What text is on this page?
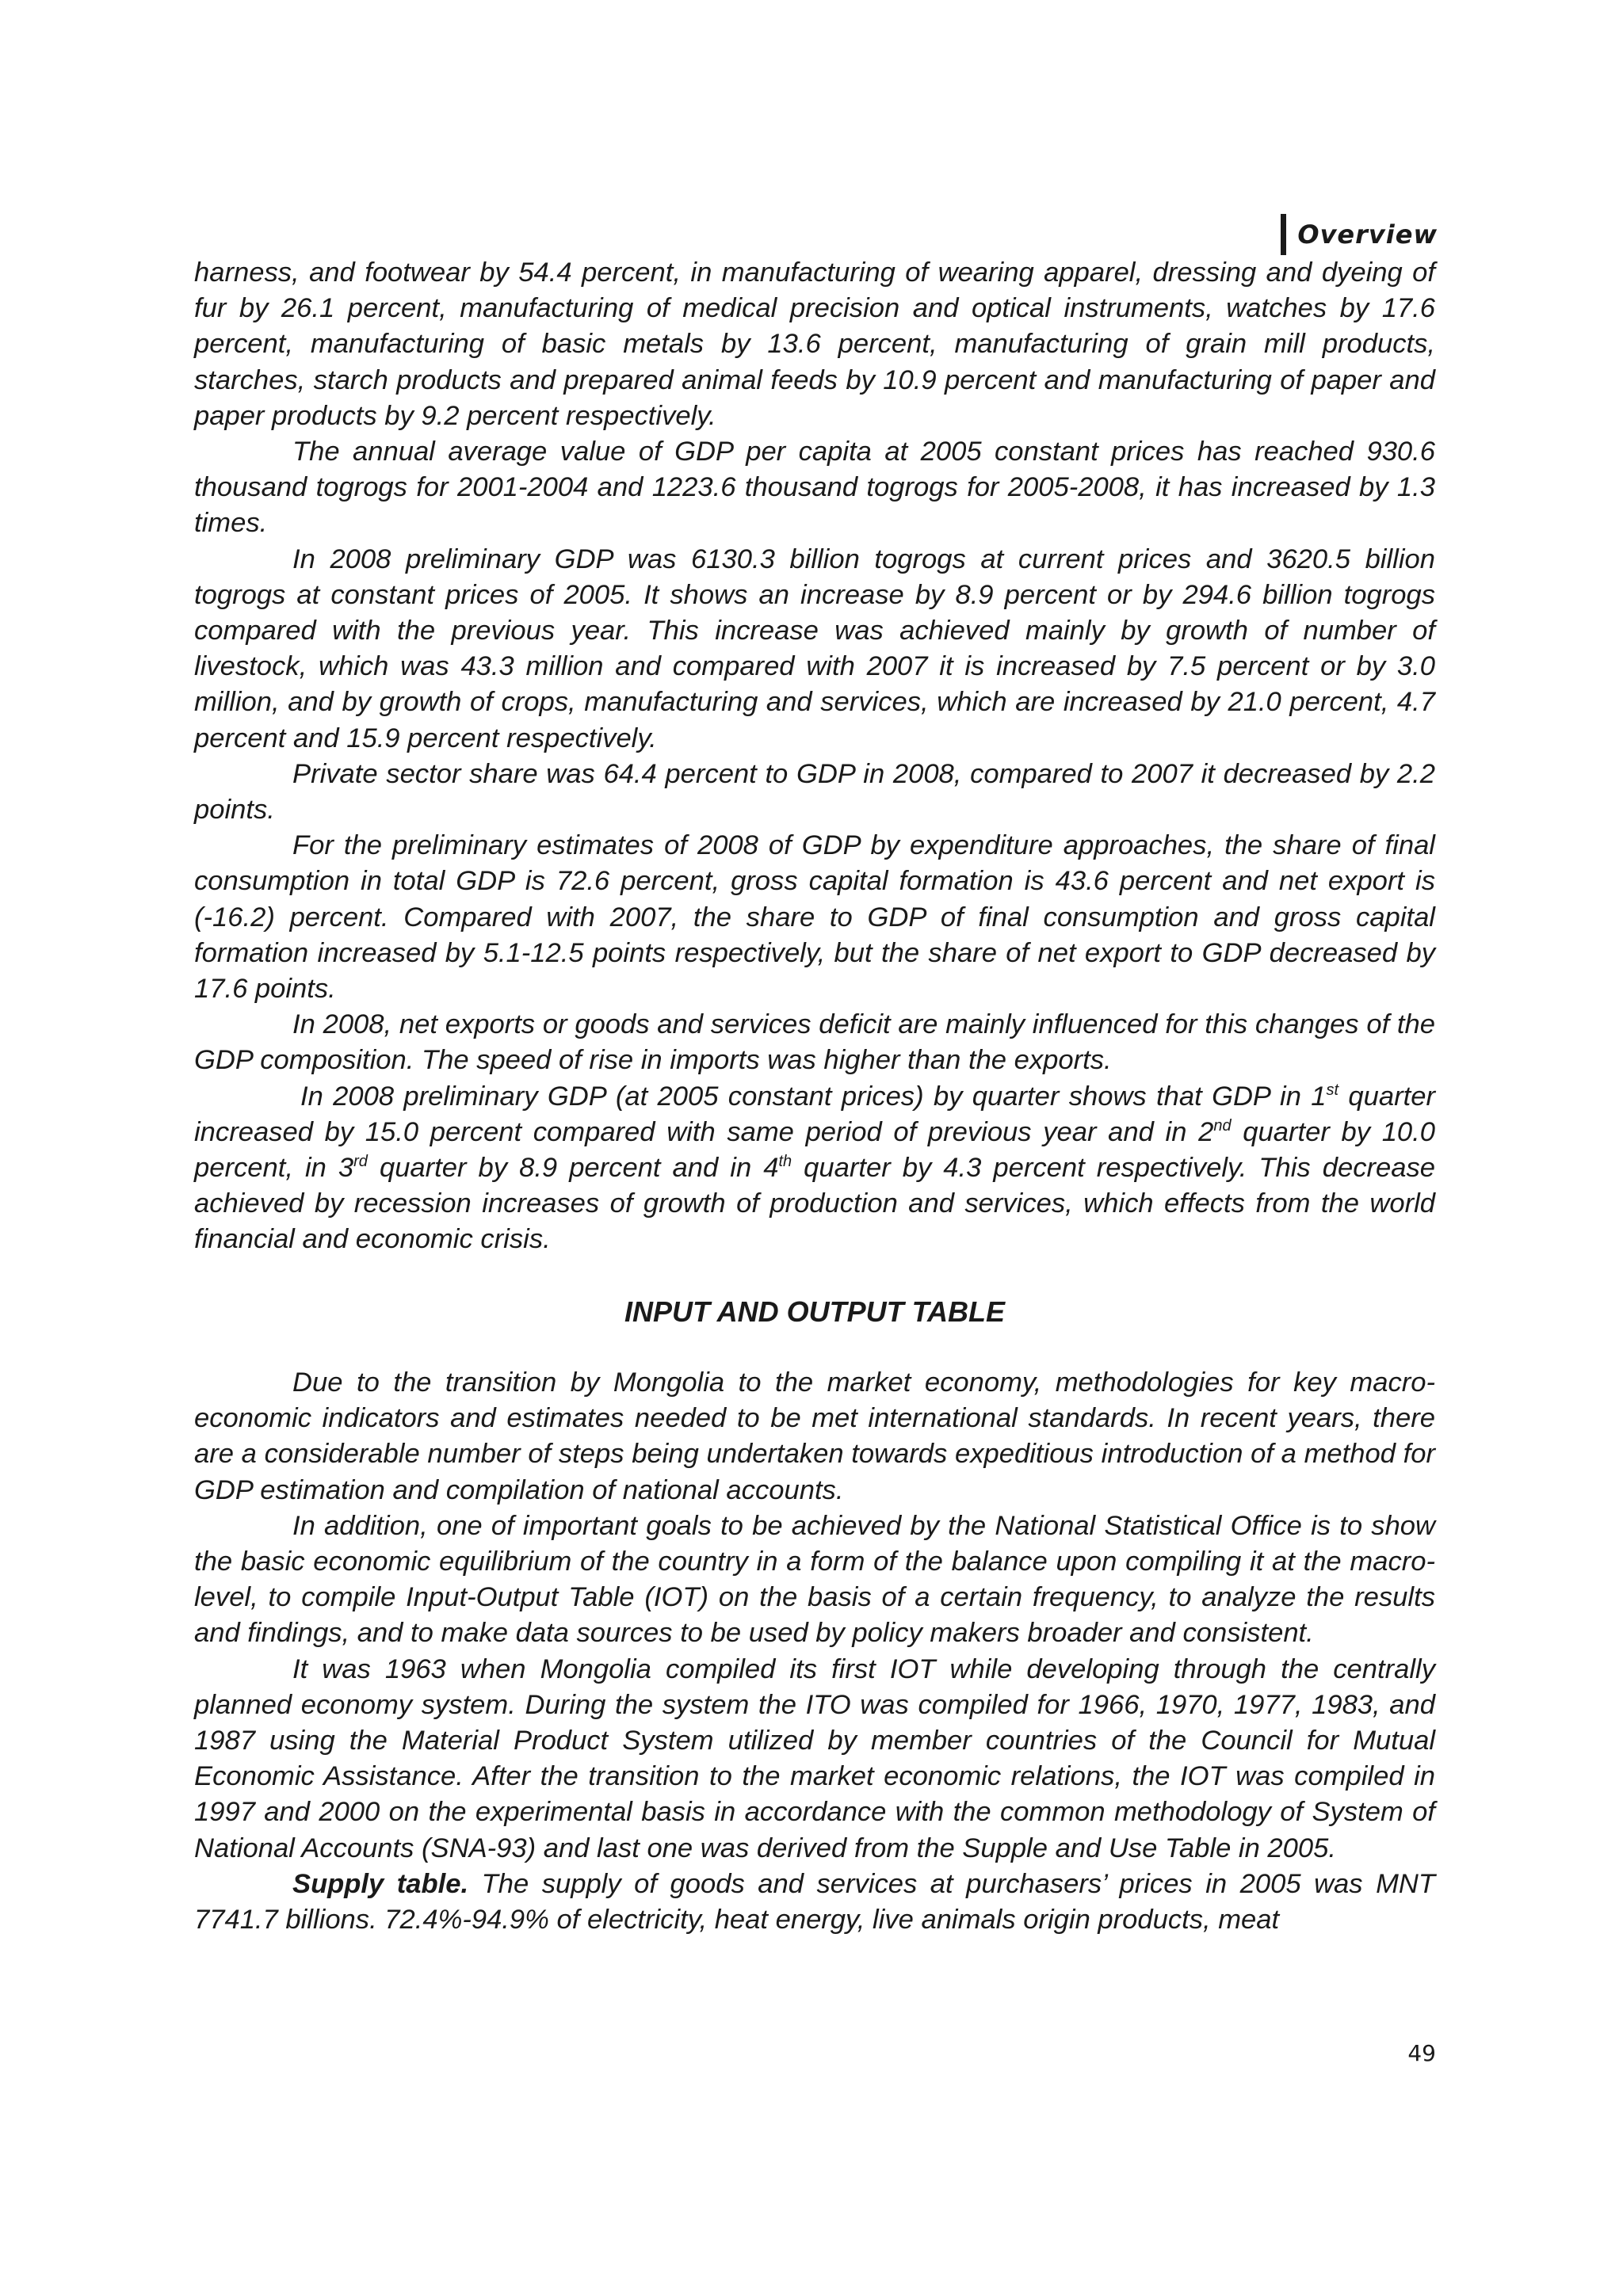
Overview

harness, and footwear by 54.4 percent, in manufacturing of wearing apparel, dressing and dyeing of fur by 26.1 percent, manufacturing of medical precision and optical instruments, watches by 17.6 percent, manufacturing of basic metals by 13.6 percent, manufacturing of grain mill products, starches, starch products and prepared animal feeds by 10.9 percent and manufacturing of paper and paper products by 9.2 percent respectively.

The annual average value of GDP per capita at 2005 constant prices has reached 930.6 thousand togrogs for 2001-2004 and 1223.6 thousand togrogs for 2005-2008, it has increased by 1.3 times.

In 2008 preliminary GDP was 6130.3 billion togrogs at current prices and 3620.5 billion togrogs at constant prices of 2005. It shows an increase by 8.9 percent or by 294.6 billion togrogs compared with the previous year. This increase was achieved mainly by growth of number of livestock, which was 43.3 million and compared with 2007 it is increased by 7.5 percent or by 3.0 million, and by growth of crops, manufacturing and services, which are increased by 21.0 percent, 4.7 percent and 15.9 percent respectively.

Private sector share was 64.4 percent to GDP in 2008, compared to 2007 it decreased by 2.2 points.

For the preliminary estimates of 2008 of GDP by expenditure approaches, the share of final consumption in total GDP is 72.6 percent, gross capital formation is 43.6 percent and net export is (-16.2) percent. Compared with 2007, the share to GDP of final consumption and gross capital formation increased by 5.1-12.5 points respectively, but the share of net export to GDP decreased by 17.6 points.

In 2008, net exports or goods and services deficit are mainly influenced for this changes of the GDP composition. The speed of rise in imports was higher than the exports.

In 2008 preliminary GDP (at 2005 constant prices) by quarter shows that GDP in 1st quarter increased by 15.0 percent compared with same period of previous year and in 2nd quarter by 10.0 percent, in 3rd quarter by 8.9 percent and in 4th quarter by 4.3 percent respectively. This decrease achieved by recession increases of growth of production and services, which effects from the world financial and economic crisis.

INPUT AND OUTPUT TABLE

Due to the transition by Mongolia to the market economy, methodologies for key macro-economic indicators and estimates needed to be met international standards. In recent years, there are a considerable number of steps being undertaken towards expeditious introduction of a method for GDP estimation and compilation of national accounts.

In addition, one of important goals to be achieved by the National Statistical Office is to show the basic economic equilibrium of the country in a form of the balance upon compiling it at the macro-level, to compile Input-Output Table (IOT) on the basis of a certain frequency, to analyze the results and findings, and to make data sources to be used by policy makers broader and consistent.

It was 1963 when Mongolia compiled its first IOT while developing through the centrally planned economy system. During the system the ITO was compiled for 1966, 1970, 1977, 1983, and 1987 using the Material Product System utilized by member countries of the Council for Mutual Economic Assistance. After the transition to the market economic relations, the IOT was compiled in 1997 and 2000 on the experimental basis in accordance with the common methodology of System of National Accounts (SNA-93) and last one was derived from the Supple and Use Table in 2005.

Supply table. The supply of goods and services at purchasers’ prices in 2005 was MNT 7741.7 billions. 72.4%-94.9% of electricity, heat energy, live animals origin products, meat

49
